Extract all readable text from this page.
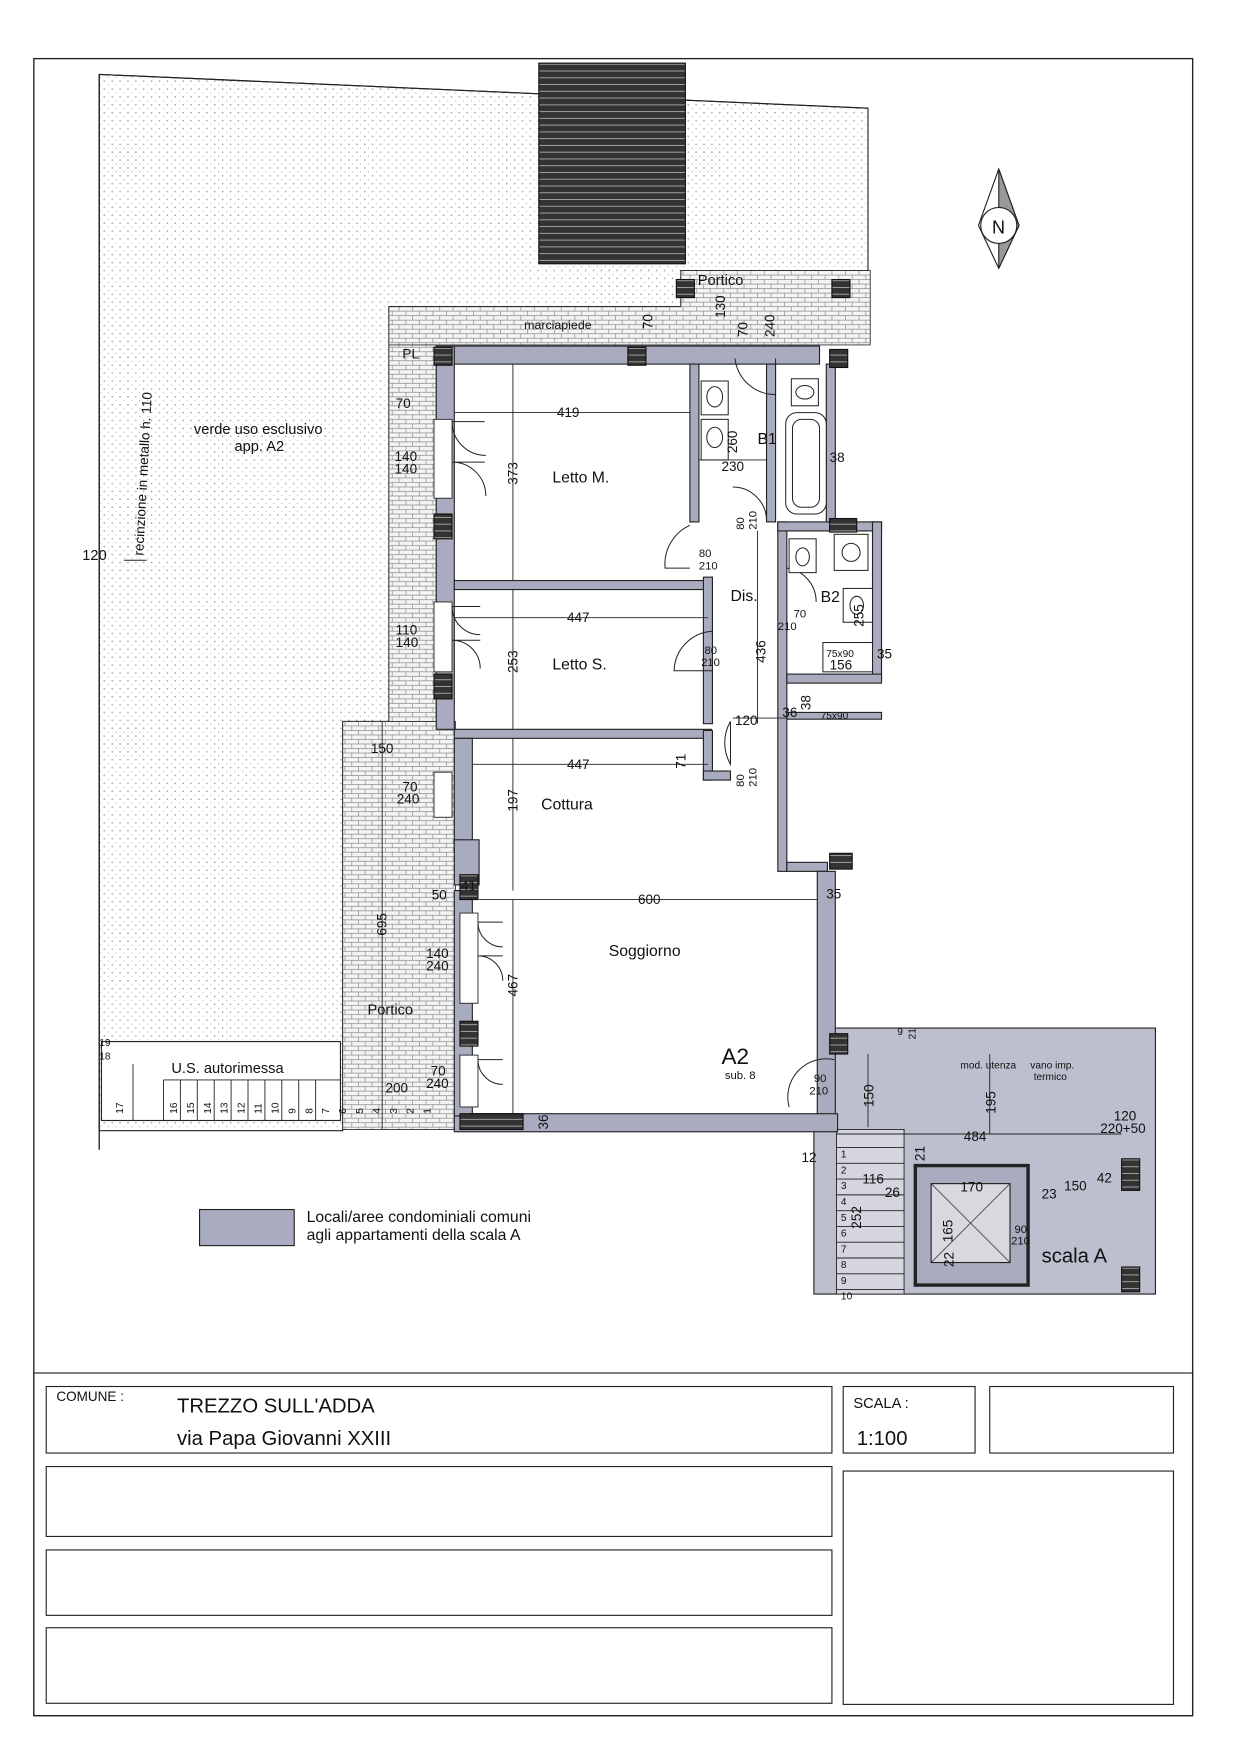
U.S. autorimessa
19
18
N
verde uso esclusivo
app. A2
recinzione in metallo h. 110
120
Portico
marciapiede
PL
Portico
Letto M.
Letto S.
Cottura
Soggiorno
Dis.
B1
B2
A2
sub. 8
mod. utenza vano imp.
termico
scala A
130
70
70 240
70
419
373
260
230
38
140
140
80
210
80 210
447
253
110
140
70
210
255
436
80
210
75x90
156
35
75x90
36
38
120
150
447	71
80 210
197
70
240
41
50	600	35
695
140
240
467
70
240
200
36
90
210	150	195
484
120
220+50
21
116
26	170	23
150
42
252
165	90
210
22
12
9 21
17	16 15 14 13 12 11 10 9 8 7 6 5 4 3 2 1
1
2
3
4
5
6
7
8
9
10
Locali/aree condominiali comuni
agli appartamenti della scala A
COMUNE :	TREZZO SULL'ADDA
via Papa Giovanni XXIII
SCALA :
1:100
